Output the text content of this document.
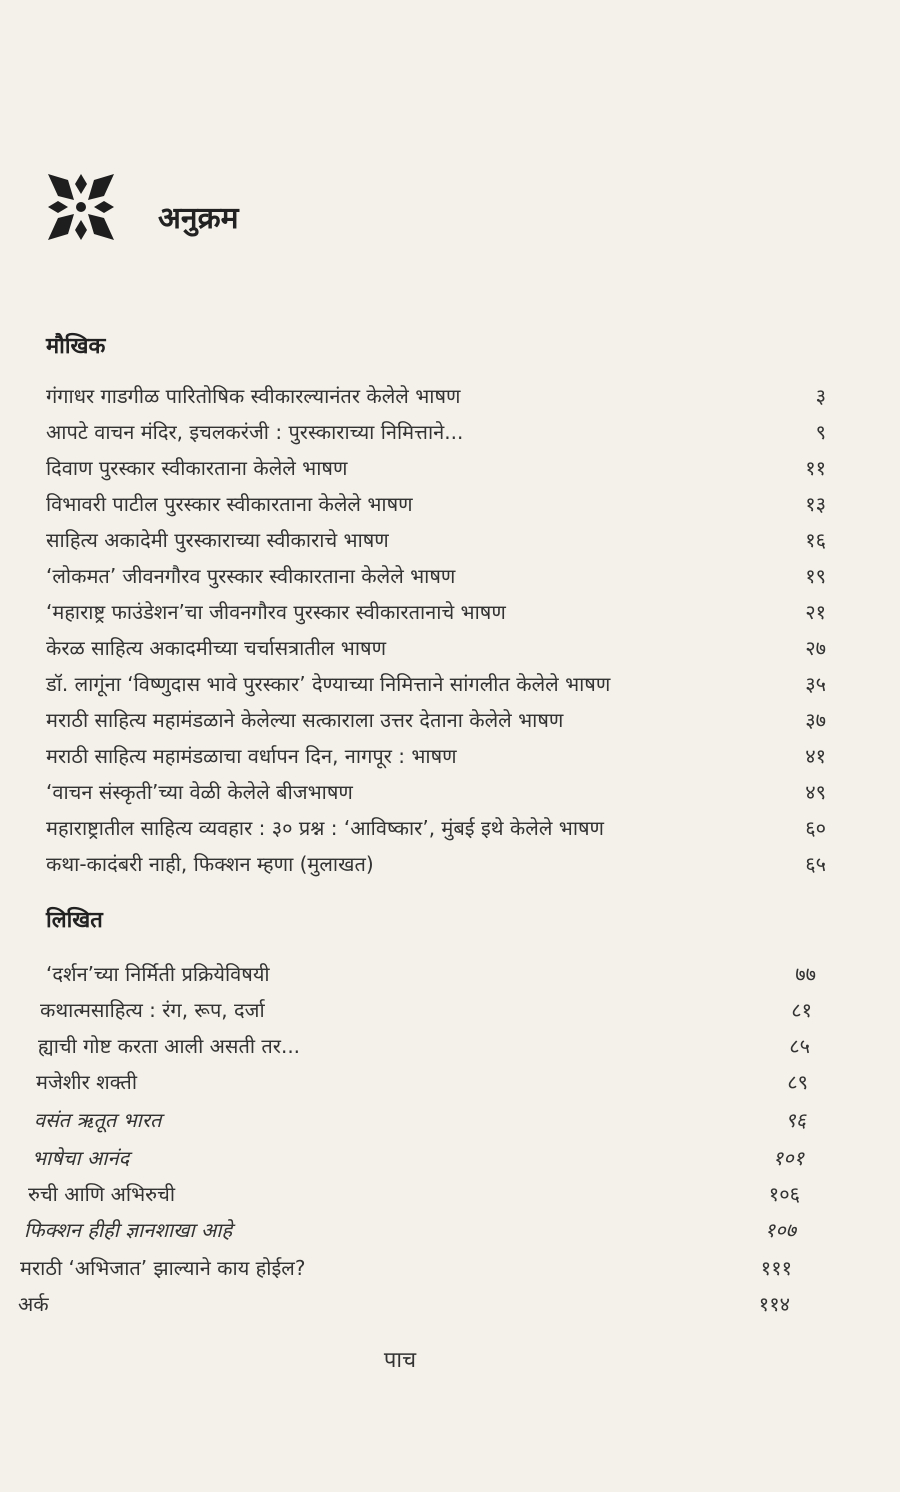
अनुक्रम
मौखिक
गंगाधर गाडगीळ पारितोषिक स्वीकारल्यानंतर केलेले भाषण	३
आपटे वाचन मंदिर, इचलकरंजी : पुरस्काराच्या निमित्ताने...	९
दिवाण पुरस्कार स्वीकारताना केलेले भाषण	११
विभावरी पाटील पुरस्कार स्वीकारताना केलेले भाषण	१३
साहित्य अकादेमी पुरस्काराच्या स्वीकाराचे भाषण	१६
‘लोकमत’ जीवनगौरव पुरस्कार स्वीकारताना केलेले भाषण	१९
‘महाराष्ट्र फाउंडेशन’चा जीवनगौरव पुरस्कार स्वीकारतानाचे भाषण	२१
केरळ साहित्य अकादमीच्या चर्चासत्रातील भाषण	२७
डॉ. लागूंना ‘विष्णुदास भावे पुरस्कार’ देण्याच्या निमित्ताने सांगलीत केलेले भाषण	३५
मराठी साहित्य महामंडळाने केलेल्या सत्काराला उत्तर देताना केलेले भाषण	३७
मराठी साहित्य महामंडळाचा वर्धापन दिन, नागपूर : भाषण	४१
‘वाचन संस्कृती’च्या वेळी केलेले बीजभाषण	४९
महाराष्ट्रातील साहित्य व्यवहार : ३० प्रश्न : ‘आविष्कार’, मुंबई इथे केलेले भाषण	६०
कथा-कादंबरी नाही, फिक्शन म्हणा (मुलाखत)	६५
लिखित
‘दर्शन’च्या निर्मिती प्रक्रियेविषयी	७७
कथात्मसाहित्य : रंग, रूप, दर्जा	८१
ह्याची गोष्ट करता आली असती तर...	८५
मजेशीर शक्ती	८९
वसंत ऋतूत भारत	९६
भाषेचा आनंद	१०१
रुची आणि अभिरुची	१०६
फिक्शन हीही ज्ञानशाखा आहे	१०७
मराठी ‘अभिजात’ झाल्याने काय होईल?	१११
अर्क	११४
पाच
